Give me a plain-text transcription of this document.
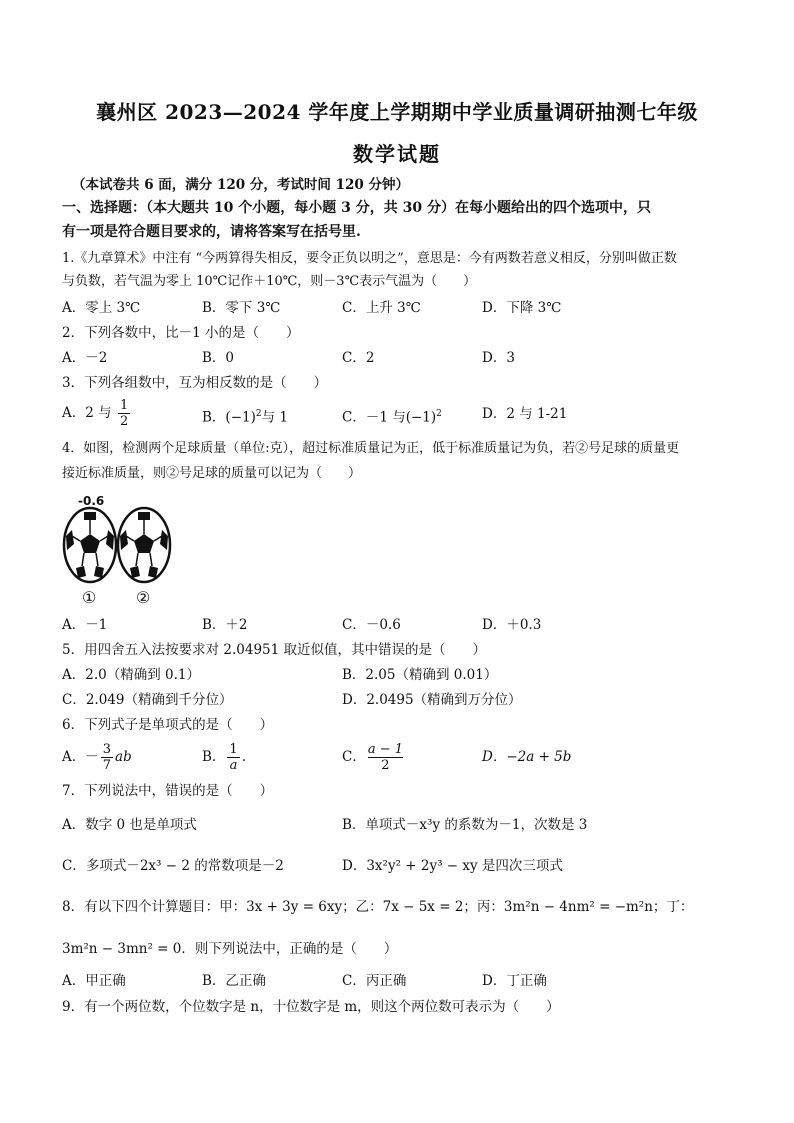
襄州区 2023—2024 学年度上学期期中学业质量调研抽测七年级
数学试题
（本试卷共 6 面，满分 120 分，考试时间 120 分钟）
一、选择题：（本大题共 10 个小题，每小题 3 分，共 30 分）在每小题给出的四个选项中，只
有一项是符合题目要求的，请将答案写在括号里.
1.《九章算术》中注有 “今两算得失相反，要令正负以明之”，意思是：今有两数若意义相反，分别叫做正数
与负数，若气温为零上 10℃记作＋10℃，则－3℃表示气温为（　　）
A．零上 3℃	B．零下 3℃	C．上升 3℃	D．下降 3℃
2．下列各数中，比－1 小的是（　　）
A．－2	B．0	C．2	D．3
3．下列各组数中，互为相反数的是（　　）
A．2 与 $\frac{1}{2}$	B．$(-1)^2$与 1	C．－1 与$(-1)^2$	D．2 与 1-21
4．如图，检测两个足球质量（单位:克），超过标准质量记为正，低于标准质量记为负，若②号足球的质量更
接近标准质量，则②号足球的质量可以记为（　　）
-0.6
① ②
A．－1	B．＋2	C．－0.6	D．＋0.3
5．用四舍五入法按要求对 2.04951 取近似值，其中错误的是（　　）
A．2.0（精确到 0.1）	B．2.05（精确到 0.01）
C．2.049（精确到千分位）	D．2.0495（精确到万分位）
6．下列式子是单项式的是（　　）
A．－ $\frac{3}{7}$ ab	B． $\frac{1}{a}$ .	C． $\frac{a - 1}{2}$	D．−2a + 5b
7．下列说法中，错误的是（　　）
A．数字 0 也是单项式	B．单项式－x³y 的系数为－1，次数是 3
C．多项式－2x³ − 2 的常数项是－2	D．3x²y² + 2y³ − xy 是四次三项式
8．有以下四个计算题目：甲：3x + 3y = 6xy；乙：7x − 5x = 2；丙：3m²n − 4nm² = −m²n；丁：
3m²n − 3mn² = 0．则下列说法中，正确的是（　　）
A．甲正确	B．乙正确	C．丙正确	D．丁正确
9．有一个两位数，个位数字是 n，十位数字是 m，则这个两位数可表示为（　　）
